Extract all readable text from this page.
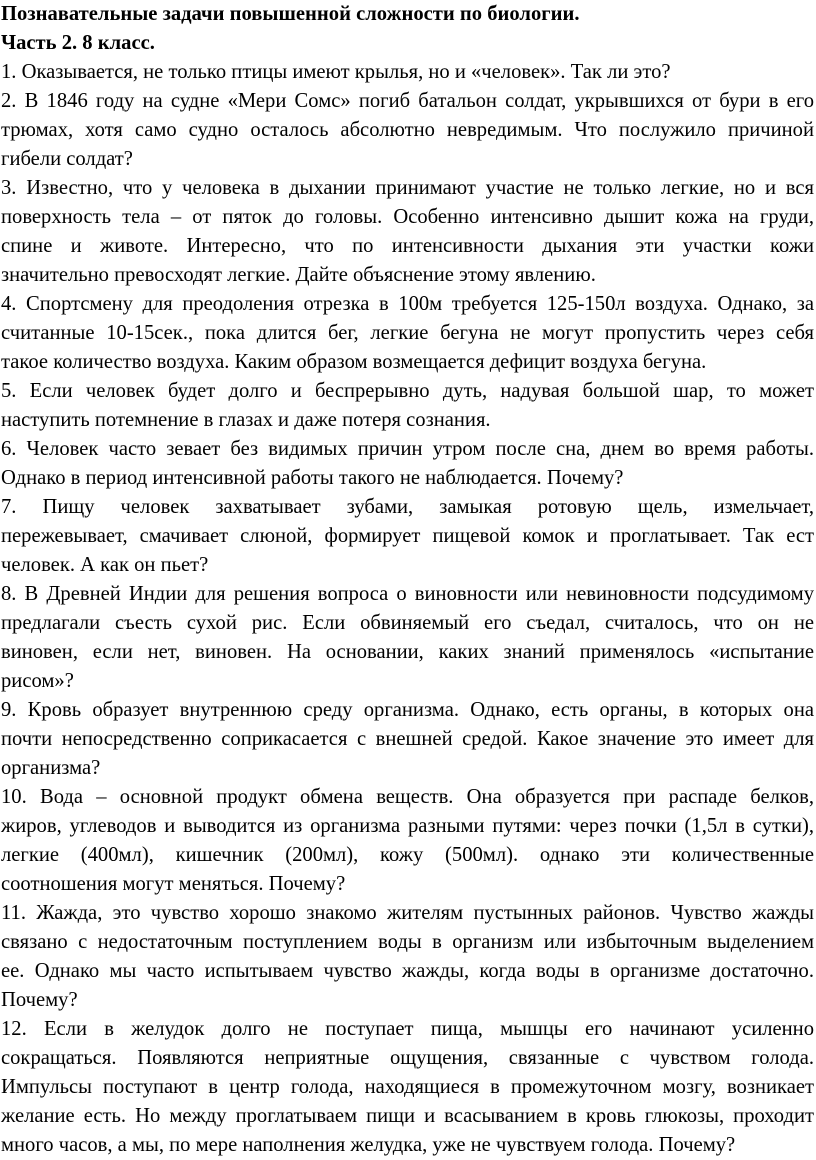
Познавательные задачи повышенной сложности по биологии.
Часть 2. 8 класс.
1. Оказывается, не только птицы имеют крылья, но и «человек». Так ли это?
2. В 1846 году на судне «Мери Сомс» погиб батальон солдат, укрывшихся от бури в его
трюмах, хотя само судно осталось абсолютно невредимым. Что послужило причиной
гибели солдат?
3. Известно, что у человека в дыхании принимают участие не только легкие, но и вся
поверхность тела – от пяток до головы. Особенно интенсивно дышит кожа на груди,
спине и животе. Интересно, что по интенсивности дыхания эти участки кожи
значительно превосходят легкие. Дайте объяснение этому явлению.
4. Спортсмену для преодоления отрезка в 100м требуется 125-150л воздуха. Однако, за
считанные 10-15сек., пока длится бег, легкие бегуна не могут пропустить через себя
такое количество воздуха. Каким образом возмещается дефицит воздуха бегуна.
5. Если человек будет долго и беспрерывно дуть, надувая большой шар, то может
наступить потемнение в глазах и даже потеря сознания.
6. Человек часто зевает без видимых причин утром после сна, днем во время работы.
Однако в период интенсивной работы такого не наблюдается. Почему?
7. Пищу человек захватывает зубами, замыкая ротовую щель, измельчает,
пережевывает, смачивает слюной, формирует пищевой комок и проглатывает. Так ест
человек. А как он пьет?
8. В Древней Индии для решения вопроса о виновности или невиновности подсудимому
предлагали съесть сухой рис. Если обвиняемый его съедал, считалось, что он не
виновен, если нет, виновен. На основании, каких знаний применялось «испытание
рисом»?
9. Кровь образует внутреннюю среду организма. Однако, есть органы, в которых она
почти непосредственно соприкасается с внешней средой. Какое значение это имеет для
организма?
10. Вода – основной продукт обмена веществ. Она образуется при распаде белков,
жиров, углеводов и выводится из организма разными путями: через почки (1,5л в сутки),
легкие (400мл), кишечник (200мл), кожу (500мл). однако эти количественные
соотношения могут меняться. Почему?
11. Жажда, это чувство хорошо знакомо жителям пустынных районов. Чувство жажды
связано с недостаточным поступлением воды в организм или избыточным выделением
ее. Однако мы часто испытываем чувство жажды, когда воды в организме достаточно.
Почему?
12. Если в желудок долго не поступает пища, мышцы его начинают усиленно
сокращаться. Появляются неприятные ощущения, связанные с чувством голода.
Импульсы поступают в центр голода, находящиеся в промежуточном мозгу, возникает
желание есть. Но между проглатываем пищи и всасыванием в кровь глюкозы, проходит
много часов, а мы, по мере наполнения желудка, уже не чувствуем голода. Почему?
